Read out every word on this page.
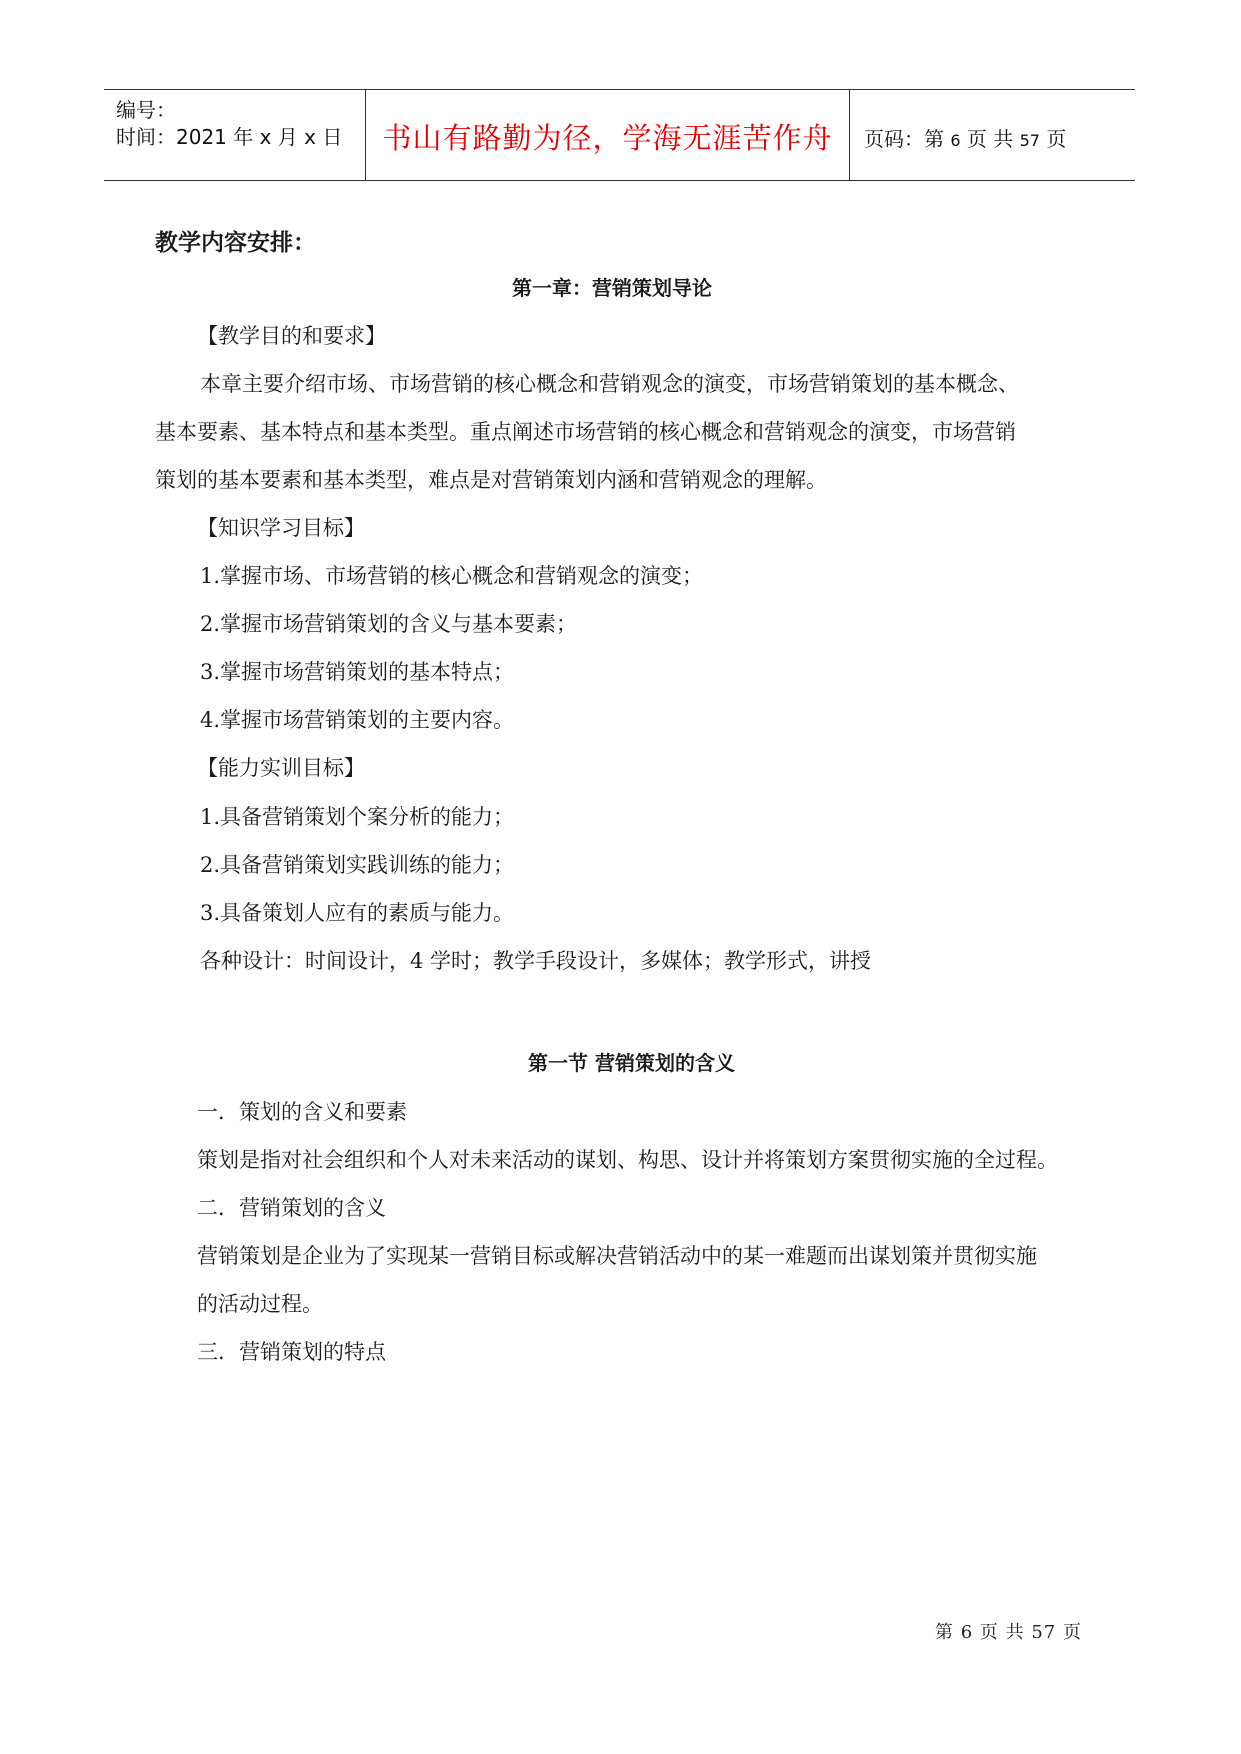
编号：
时间：2021 年 x 月 x 日	书山有路勤为径，学海无涯苦作舟	页码：第 6 页 共 57 页
教学内容安排：
第一章：营销策划导论
【教学目的和要求】
本章主要介绍市场、市场营销的核心概念和营销观念的演变，市场营销策划的基本概念、
基本要素、基本特点和基本类型。重点阐述市场营销的核心概念和营销观念的演变，市场营销
策划的基本要素和基本类型，难点是对营销策划内涵和营销观念的理解。
【知识学习目标】
1.掌握市场、市场营销的核心概念和营销观念的演变；
2.掌握市场营销策划的含义与基本要素；
3.掌握市场营销策划的基本特点；
4.掌握市场营销策划的主要内容。
【能力实训目标】
1.具备营销策划个案分析的能力；
2.具备营销策划实践训练的能力；
3.具备策划人应有的素质与能力。
各种设计：时间设计，4 学时；教学手段设计，多媒体；教学形式，讲授
第一节 营销策划的含义
一．策划的含义和要素
策划是指对社会组织和个人对未来活动的谋划、构思、设计并将策划方案贯彻实施的全过程。
二．营销策划的含义
营销策划是企业为了实现某一营销目标或解决营销活动中的某一难题而出谋划策并贯彻实施
的活动过程。
三．营销策划的特点
第 6 页 共 57 页
